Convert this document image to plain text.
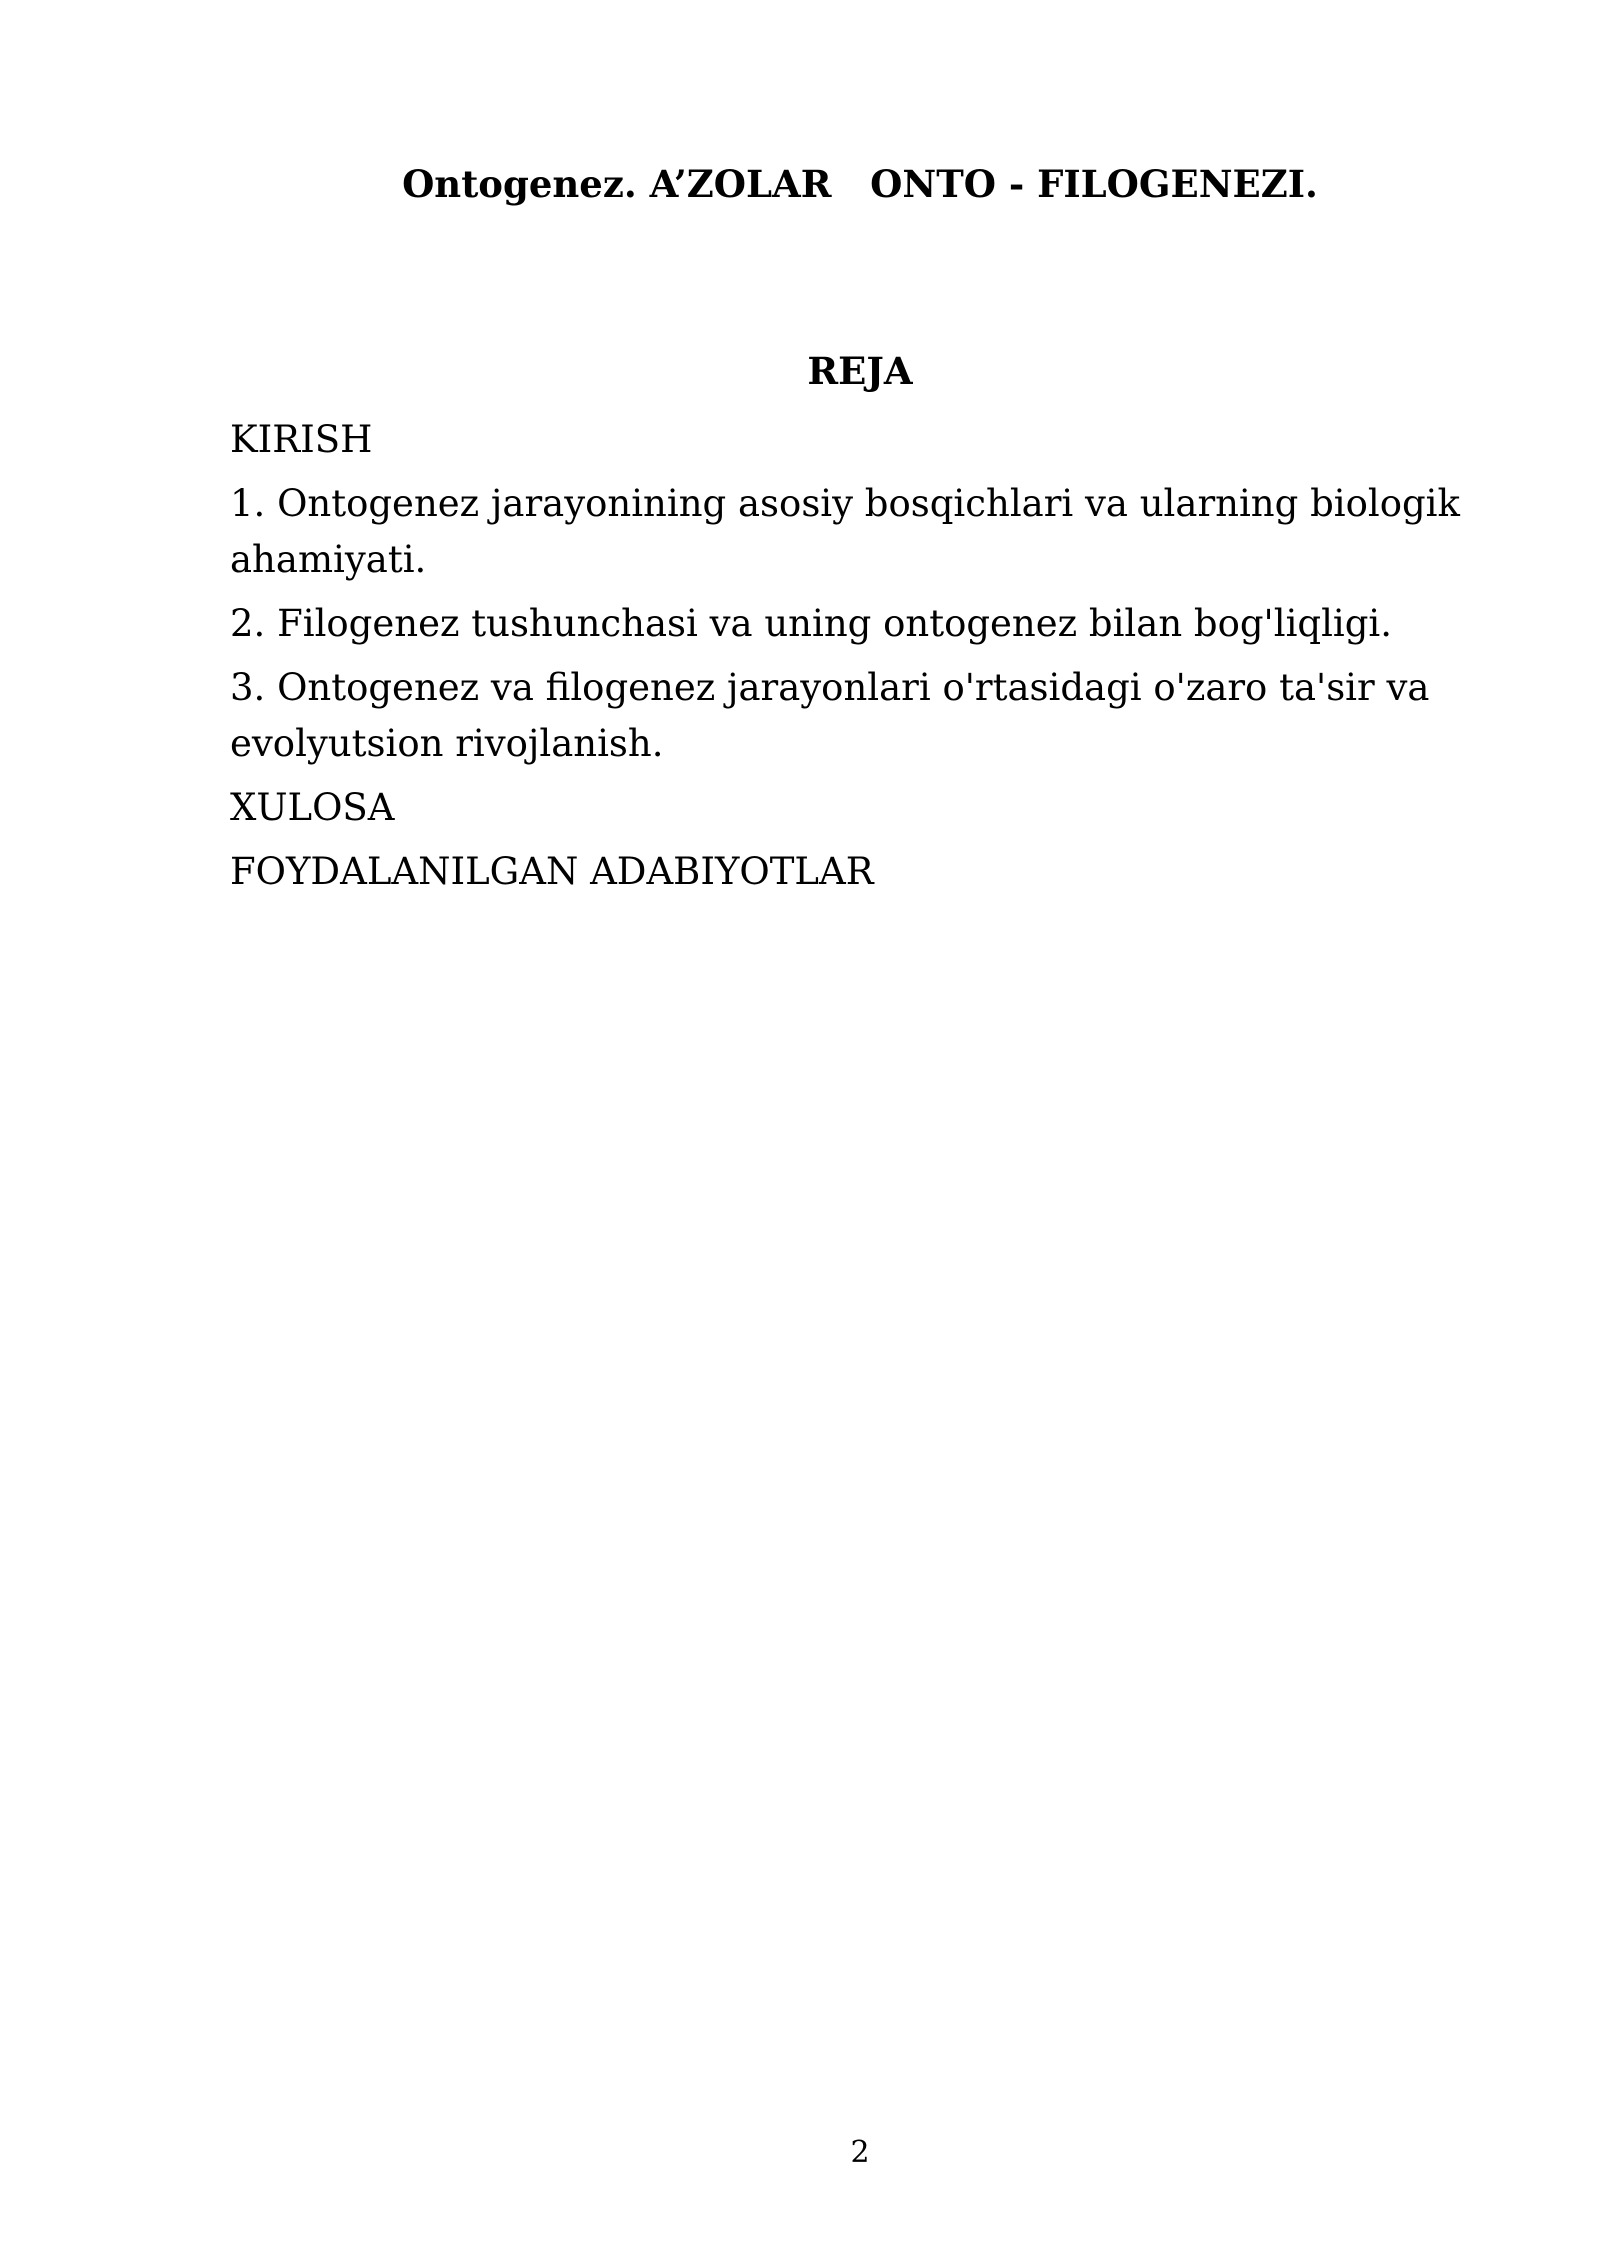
Ontogenez. A’ZOLAR   ONTO - FILOGENEZI.
REJA
KIRISH
1. Ontogenez jarayonining asosiy bosqichlari va ularning biologik ahamiyati.
2. Filogenez tushunchasi va uning ontogenez bilan bog'liqligi.
3. Ontogenez va filogenez jarayonlari o'rtasidagi o'zaro ta'sir va evolyutsion rivojlanish.
XULOSA
FOYDALANILGAN ADABIYOTLAR
2
